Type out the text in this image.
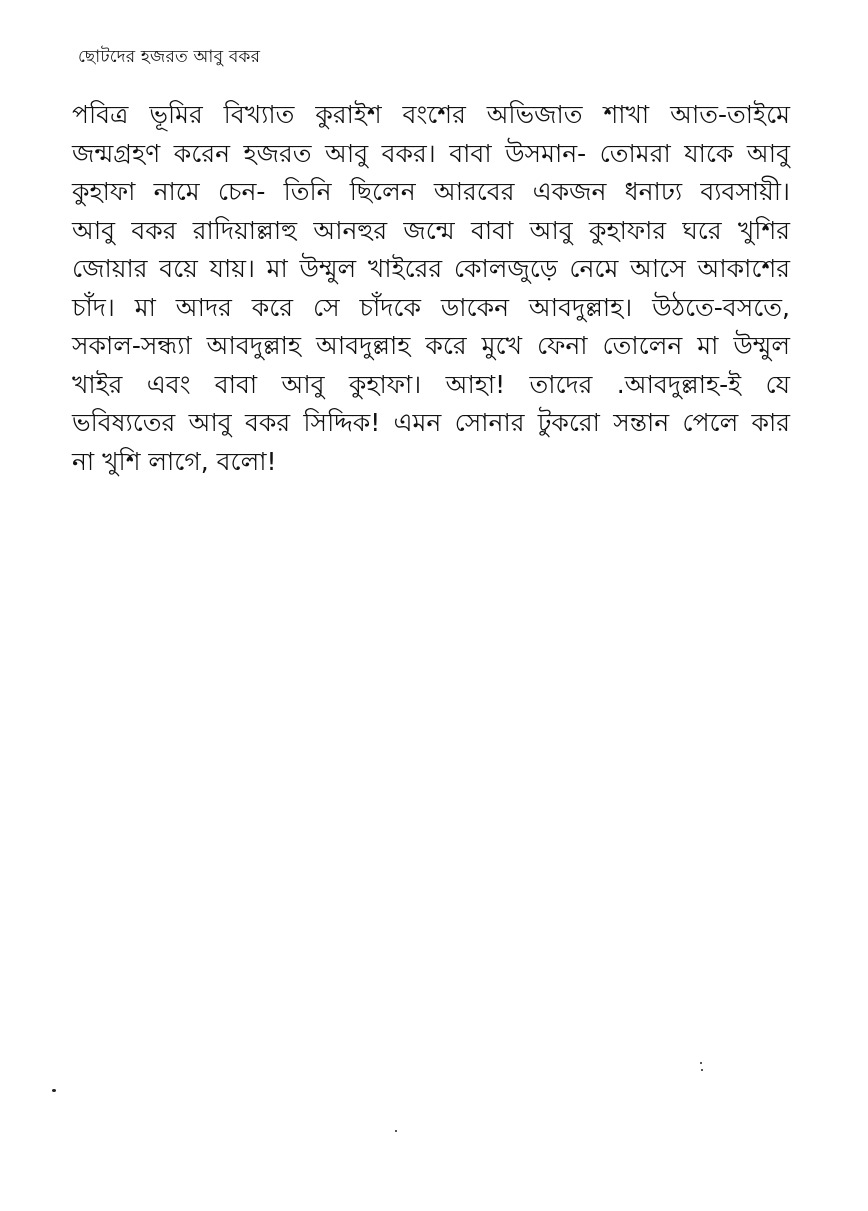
ছোটদের হজরত আবু বকর
পবিত্র ভূমির বিখ্যাত কুরাইশ বংশের অভিজাত শাখা আত-তাইমে
জন্মগ্রহণ করেন হজরত আবু বকর। বাবা উসমান- তোমরা যাকে আবু
কুহাফা নামে চেন- তিনি ছিলেন আরবের একজন ধনাঢ্য ব্যবসায়ী।
আবু বকর রাদিয়াল্লাহু আনহুর জন্মে বাবা আবু কুহাফার ঘরে খুশির
জোয়ার বয়ে যায়। মা উম্মুল খাইরের কোলজুড়ে নেমে আসে আকাশের
চাঁদ। মা আদর করে সে চাঁদকে ডাকেন আবদুল্লাহ। উঠতে-বসতে,
সকাল-সন্ধ্যা আবদুল্লাহ আবদুল্লাহ করে মুখে ফেনা তোলেন মা উম্মুল
খাইর এবং বাবা আবু কুহাফা। আহা! তাদের .আবদুল্লাহ-ই যে
ভবিষ্যতের আবু বকর সিদ্দিক! এমন সোনার টুকরো সন্তান পেলে কার
না খুশি লাগে, বলো!
